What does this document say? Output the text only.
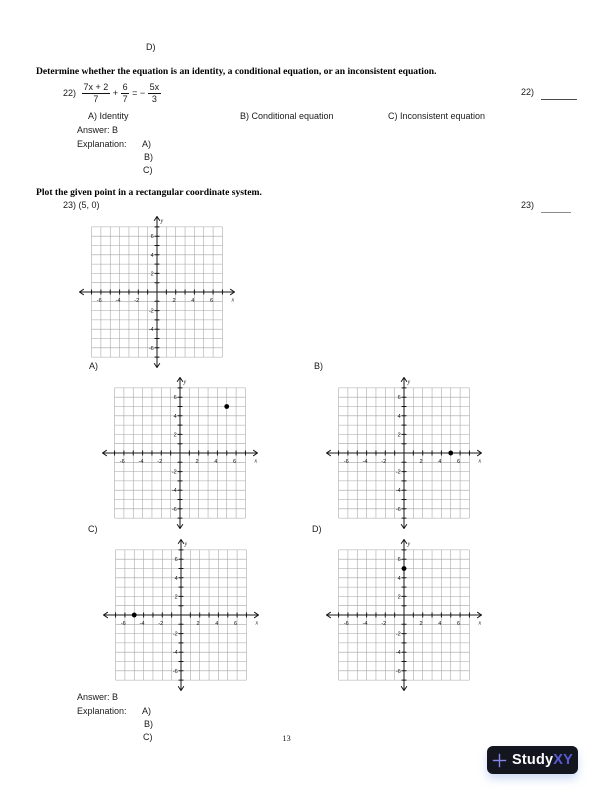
D)
Determine whether the equation is an identity, a conditional equation, or an inconsistent equation.
$22) \frac{7x + 2}{7} + \frac{6}{7}$ = − $\frac{5x}{3}$	22)
A) Identity	B) Conditional equation	C) Inconsistent equation
Answer: B
Explanation: A)
B)
C)
Plot the given point in a rectangular coordinate system.
23) (5, 0)	23)
-6
-6
-4
-4
-2
-2
2
2
4
4
6
6
x
y
A)
-6
-6
-4
-4
-2
-2
2
2
4
4
6
6
x
y
B)
-6
-6
-4
-4
-2
-2
2
2
4
4
6
6
x
y
C)
-6
-6
-4
-4
-2
-2
2
2
4
4
6
6
x
y
D)
-6
-6
-4
-4
-2
-2
2
2
4
4
6
6
x
y
Answer: B
Explanation: A)
B)
C)	13
StudyXY
